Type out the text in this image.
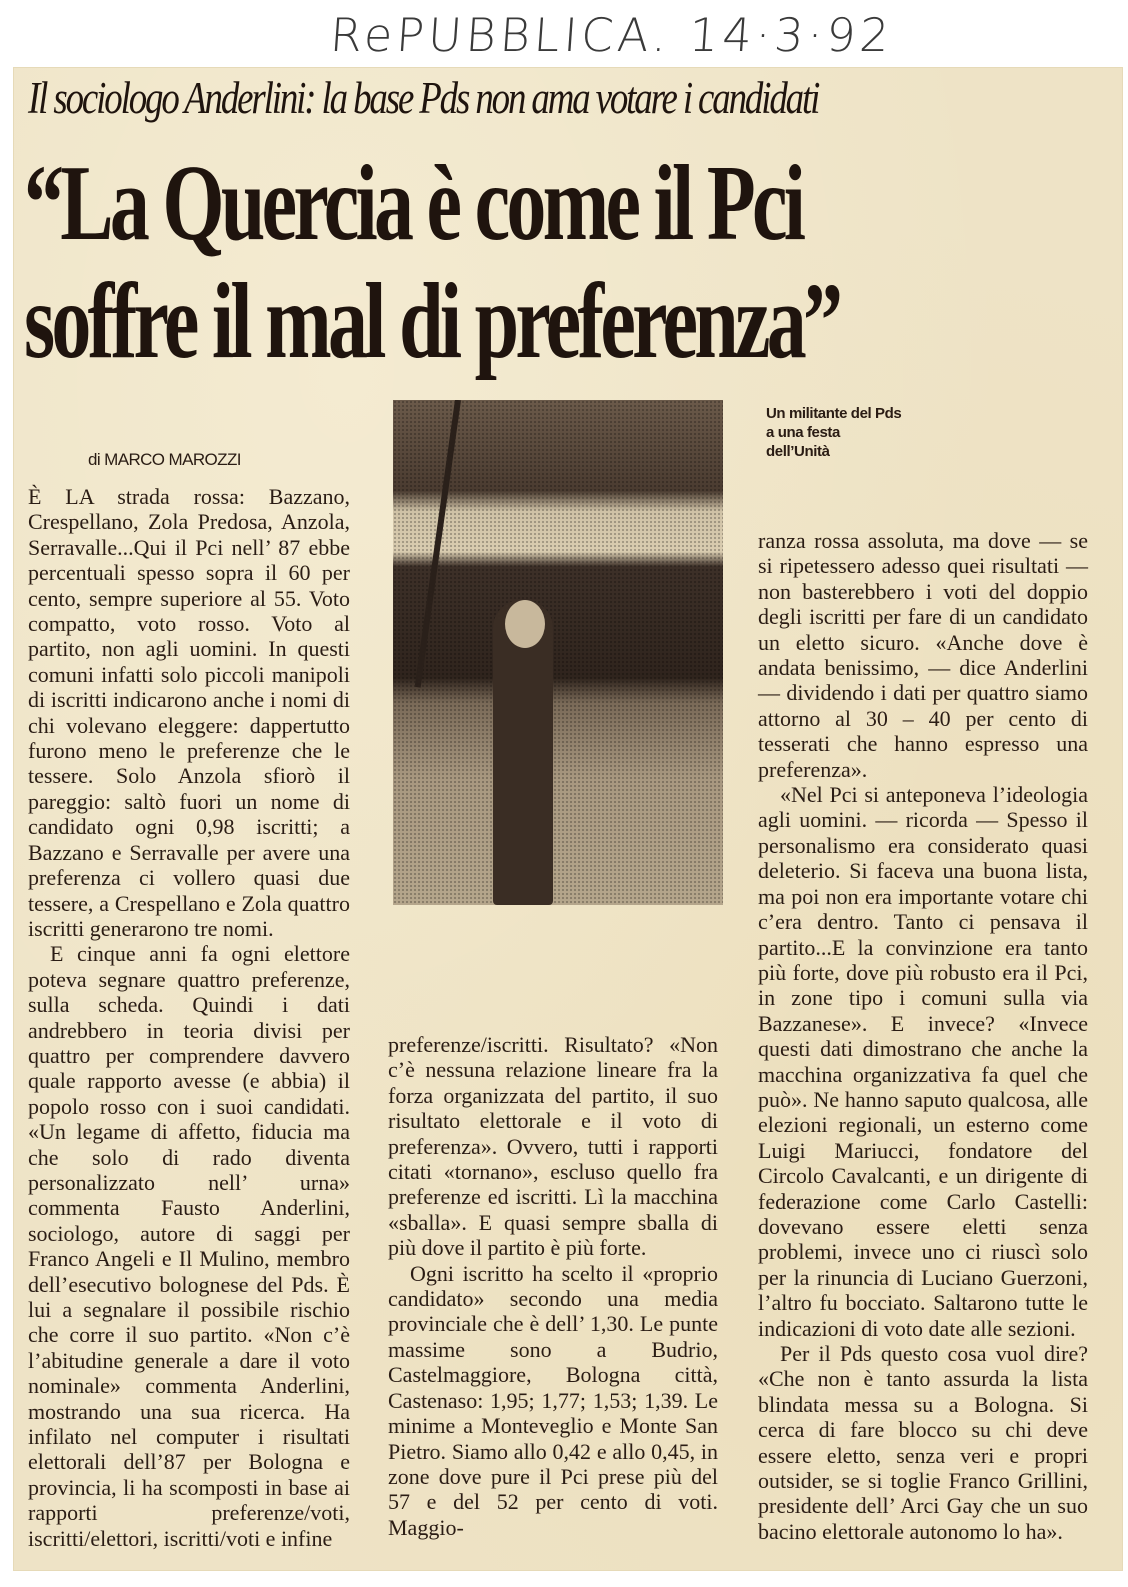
RePUBBLICA. 14·3·92
Il sociologo Anderlini: la base Pds non ama votare i candidati
“La Quercia è come il Pci
soffre il mal di preferenza”
di MARCO MAROZZI

È LA strada rossa: Bazzano, Crespellano, Zola Predosa, Anzola, Serravalle...Qui il Pci nell’ 87 ebbe percentuali spesso sopra il 60 per cento, sempre superiore al 55. Voto compatto, voto rosso. Voto al partito, non agli uomini. In questi comuni infatti solo piccoli manipoli di iscritti indicarono anche i nomi di chi volevano eleggere: dappertutto furono meno le preferenze che le tessere. Solo Anzola sfiorò il pareggio: saltò fuori un nome di candidato ogni 0,98 iscritti; a Bazzano e Serravalle per avere una preferenza ci vollero quasi due tessere, a Crespellano e Zola quattro iscritti generarono tre nomi.

E cinque anni fa ogni elettore poteva segnare quattro preferenze, sulla scheda. Quindi i dati andrebbero in teoria divisi per quattro per comprendere davvero quale rapporto avesse (e abbia) il popolo rosso con i suoi candidati. «Un legame di affetto, fiducia ma che solo di rado diventa personalizzato nell’ urna» commenta Fausto Anderlini, sociologo, autore di saggi per Franco Angeli e Il Mulino, membro dell’esecutivo bolognese del Pds. È lui a segnalare il possibile rischio che corre il suo partito. «Non c’è l’abitudine generale a dare il voto nominale» commenta Anderlini, mostrando una sua ricerca. Ha infilato nel computer i risultati elettorali dell’87 per Bologna e provincia, li ha scomposti in base ai rapporti preferenze/voti, iscritti/elettori, iscritti/voti e infine

Un militante del Pds
a una festa
dell’Unità

preferenze/iscritti. Risultato? «Non c’è nessuna relazione lineare fra la forza organizzata del partito, il suo risultato elettorale e il voto di preferenza». Ovvero, tutti i rapporti citati «tornano», escluso quello fra preferenze ed iscritti. Lì la macchina «sballa». E quasi sempre sballa di più dove il partito è più forte.

Ogni iscritto ha scelto il «proprio candidato» secondo una media provinciale che è dell’ 1,30. Le punte massime sono a Budrio, Castelmaggiore, Bologna città, Castenaso: 1,95; 1,77; 1,53; 1,39. Le minime a Monteveglio e Monte San Pietro. Siamo allo 0,42 e allo 0,45, in zone dove pure il Pci prese più del 57 e del 52 per cento di voti. Maggio-

ranza rossa assoluta, ma dove — se si ripetessero adesso quei risultati — non basterebbero i voti del doppio degli iscritti per fare di un candidato un eletto sicuro. «Anche dove è andata benissimo, — dice Anderlini — dividendo i dati per quattro siamo attorno al 30 – 40 per cento di tesserati che hanno espresso una preferenza».

«Nel Pci si anteponeva l’ideologia agli uomini. — ricorda — Spesso il personalismo era considerato quasi deleterio. Si faceva una buona lista, ma poi non era importante votare chi c’era dentro. Tanto ci pensava il partito...E la convinzione era tanto più forte, dove più robusto era il Pci, in zone tipo i comuni sulla via Bazzanese». E invece? «Invece questi dati dimostrano che anche la macchina organizzativa fa quel che può». Ne hanno saputo qualcosa, alle elezioni regionali, un esterno come Luigi Mariucci, fondatore del Circolo Cavalcanti, e un dirigente di federazione come Carlo Castelli: dovevano essere eletti senza problemi, invece uno ci riuscì solo per la rinuncia di Luciano Guerzoni, l’altro fu bocciato. Saltarono tutte le indicazioni di voto date alle sezioni.

Per il Pds questo cosa vuol dire? «Che non è tanto assurda la lista blindata messa su a Bologna. Si cerca di fare blocco su chi deve essere eletto, senza veri e propri outsider, se si toglie Franco Grillini, presidente dell’ Arci Gay che un suo bacino elettorale autonomo lo ha».
